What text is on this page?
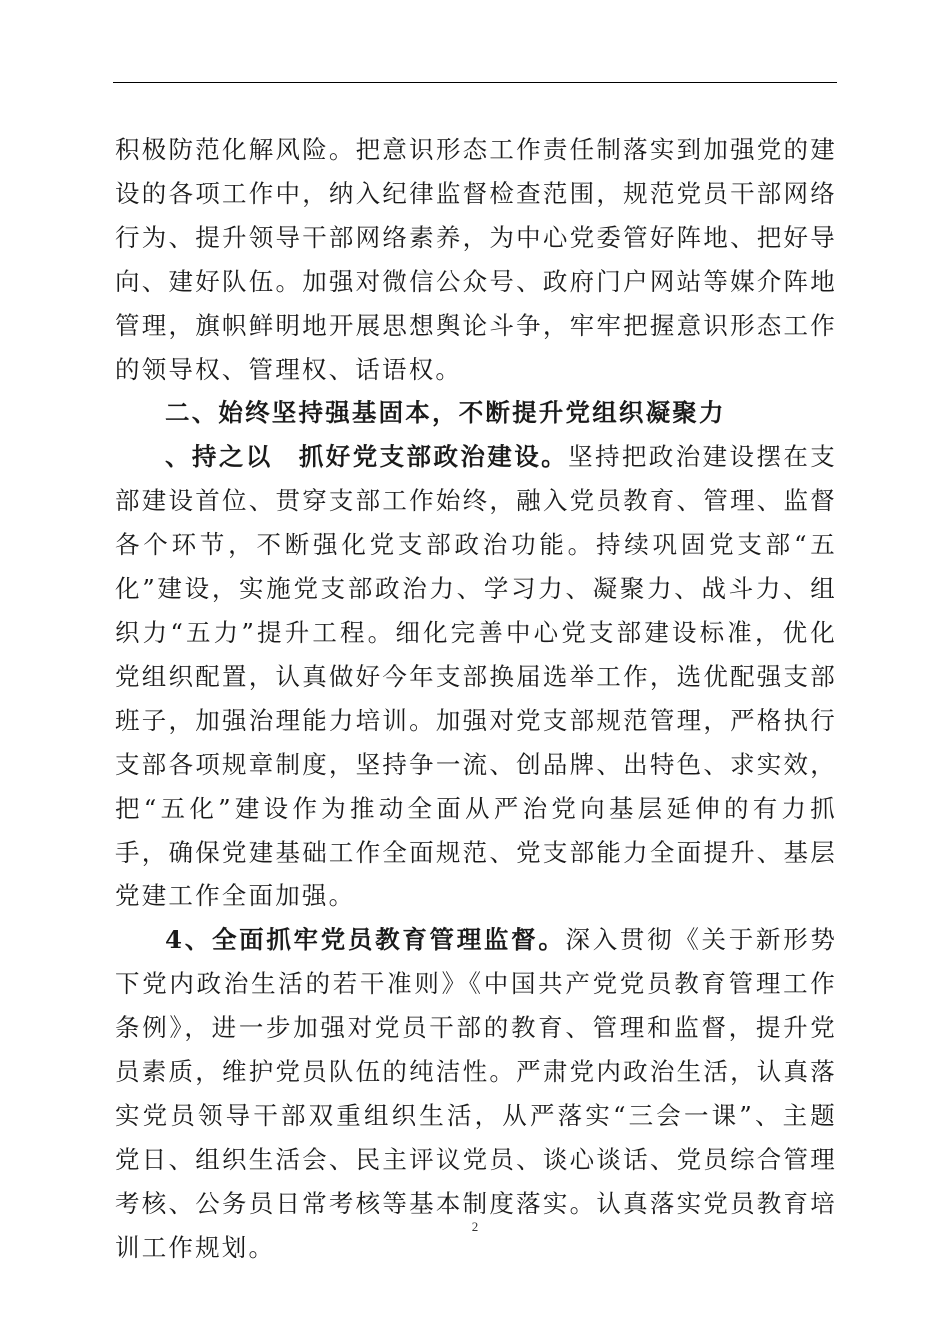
积极防范化解风险。把意识形态工作责任制落实到加强党的建设的各项工作中，纳入纪律监督检查范围，规范党员干部网络行为、提升领导干部网络素养，为中心党委管好阵地、把好导向、建好队伍。加强对微信公众号、政府门户网站等媒介阵地管理，旗帜鲜明地开展思想舆论斗争，牢牢把握意识形态工作的领导权、管理权、话语权。

二、始终坚持强基固本，不断提升党组织凝聚力

、持之以 抓好党支部政治建设。坚持把政治建设摆在支部建设首位、贯穿支部工作始终，融入党员教育、管理、监督各个环节，不断强化党支部政治功能。持续巩固党支部“五化”建设，实施党支部政治力、学习力、凝聚力、战斗力、组织力“五力”提升工程。细化完善中心党支部建设标准，优化党组织配置，认真做好今年支部换届选举工作，选优配强支部班子，加强治理能力培训。加强对党支部规范管理，严格执行支部各项规章制度，坚持争一流、创品牌、出特色、求实效，把“五化”建设作为推动全面从严治党向基层延伸的有力抓手，确保党建基础工作全面规范、党支部能力全面提升、基层党建工作全面加强。

4、全面抓牢党员教育管理监督。深入贯彻《关于新形势下党内政治生活的若干准则》《中国共产党党员教育管理工作条例》，进一步加强对党员干部的教育、管理和监督，提升党员素质，维护党员队伍的纯洁性。严肃党内政治生活，认真落实党员领导干部双重组织生活，从严落实“三会一课”、主题党日、组织生活会、民主评议党员、谈心谈话、党员综合管理考核、公务员日常考核等基本制度落实。认真落实党员教育培训工作规划。

2
